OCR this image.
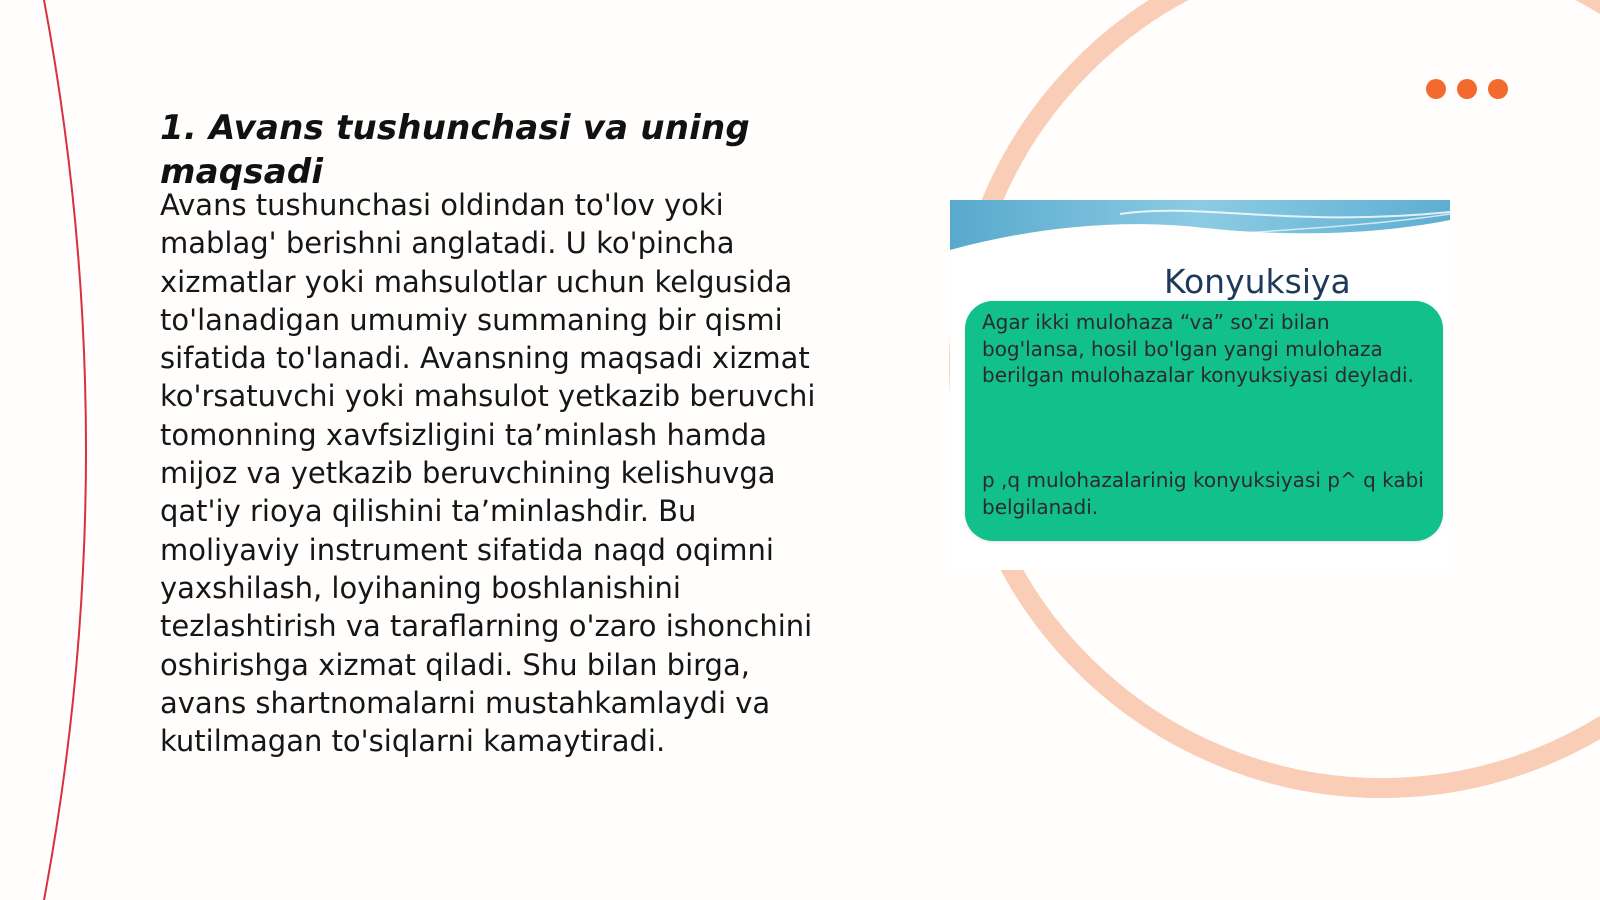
1. Avans tushunchasi va uning maqsadi

Avans tushunchasi oldindan to'lov yoki mablag' berishni anglatadi. U ko'pincha xizmatlar yoki mahsulotlar uchun kelgusida to'lanadigan umumiy summaning bir qismi sifatida to'lanadi. Avansning maqsadi xizmat ko'rsatuvchi yoki mahsulot yetkazib beruvchi tomonning xavfsizligini ta’minlash hamda mijoz va yetkazib beruvchining kelishuvga qat'iy rioya qilishini ta’minlashdir. Bu moliyaviy instrument sifatida naqd oqimni yaxshilash, loyihaning boshlanishini tezlashtirish va taraflarning o'zaro ishonchini oshirishga xizmat qiladi. Shu bilan birga, avans shartnomalarni mustahkamlaydi va kutilmagan to'siqlarni kamaytiradi.

Konyuksiya

Agar ikki mulohaza “va” so'zi bilan bog'lansa, hosil bo'lgan yangi mulohaza berilgan mulohazalar konyuksiyasi deyladi.

p ,q mulohazalarinig konyuksiyasi p^ q kabi belgilanadi.
